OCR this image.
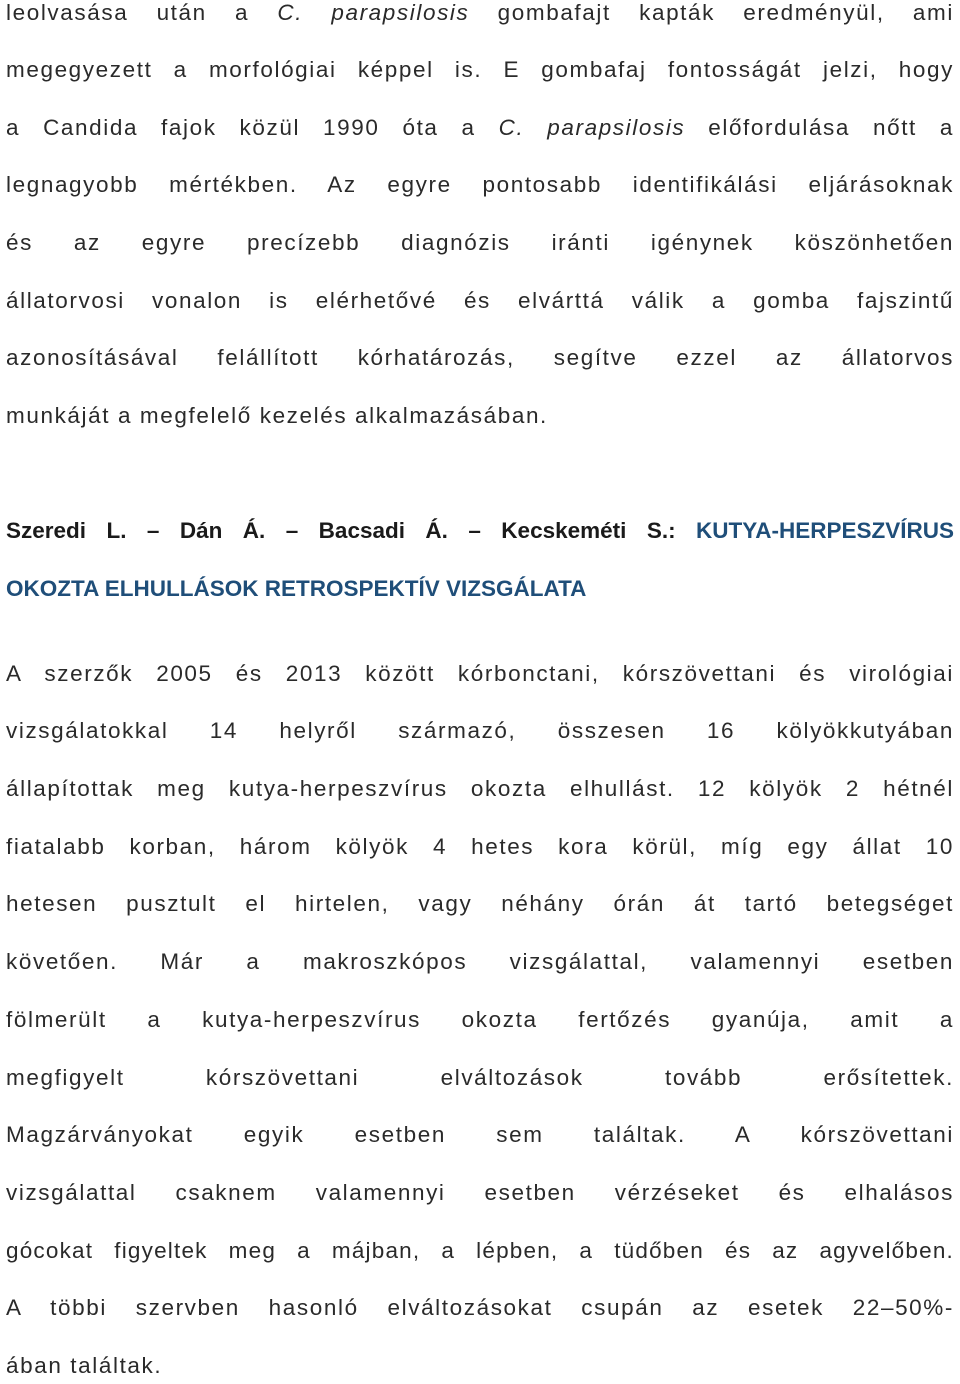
leolvasása után a C. parapsilosis gombafajt kapták eredményül, ami
megegyezett a morfológiai képpel is. E gombafaj fontosságát jelzi, hogy
a Candida fajok közül 1990 óta a C. parapsilosis előfordulása nőtt a
legnagyobb mértékben. Az egyre pontosabb identifikálási eljárásoknak
és az egyre precízebb diagnózis iránti igénynek köszönhetően
állatorvosi vonalon is elérhetővé és elvárttá válik a gomba fajszintű
azonosításával felállított kórhatározás, segítve ezzel az állatorvos
munkáját a megfelelő kezelés alkalmazásában.
Szeredi L. – Dán Á. – Bacsadi Á. – Kecskeméti S.: KUTYA-HERPESZVÍRUS
OKOZTA ELHULLÁSOK RETROSPEKTÍV VIZSGÁLATA
A szerzők 2005 és 2013 között kórbonctani, kórszövettani és virológiai
vizsgálatokkal 14 helyről származó, összesen 16 kölyökkutyában
állapítottak meg kutya-herpeszvírus okozta elhullást. 12 kölyök 2 hétnél
fiatalabb korban, három kölyök 4 hetes kora körül, míg egy állat 10
hetesen pusztult el hirtelen, vagy néhány órán át tartó betegséget
követően. Már a makroszkópos vizsgálattal, valamennyi esetben
fölmerült a kutya-herpeszvírus okozta fertőzés gyanúja, amit a
megfigyelt kórszövettani elváltozások tovább erősítettek.
Magzárványokat egyik esetben sem találtak. A kórszövettani
vizsgálattal csaknem valamennyi esetben vérzéseket és elhalásos
gócokat figyeltek meg a májban, a lépben, a tüdőben és az agyvelőben.
A többi szervben hasonló elváltozásokat csupán az esetek 22–50%-
ában találtak.
